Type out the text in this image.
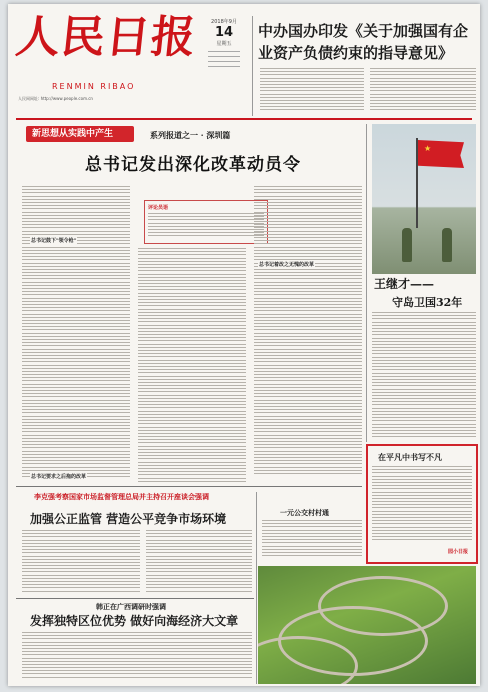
人民日报
RENMIN RIBAO
人民网网址: http://www.people.com.cn
2018年9月
14
星期五
中办国办印发《关于加强国有企业资产负债约束的指导意见》
新思想从实践中产生	系列报道之一 · 深圳篇
总书记发出深化改革动员令
总书记鼓下"领令枪"
总书记要求之后拖的改革
评论员语
总书记着改之无愧的改革
★
王继才——
守岛卫国32年
在平凡中书写不凡
园小日报
李克强考察国家市场监督管理总局并主持召开座谈会强调
加强公正监管 营造公平竞争市场环境	一元公交村村通
韩正在广西调研时强调
发挥独特区位优势 做好向海经济大文章
